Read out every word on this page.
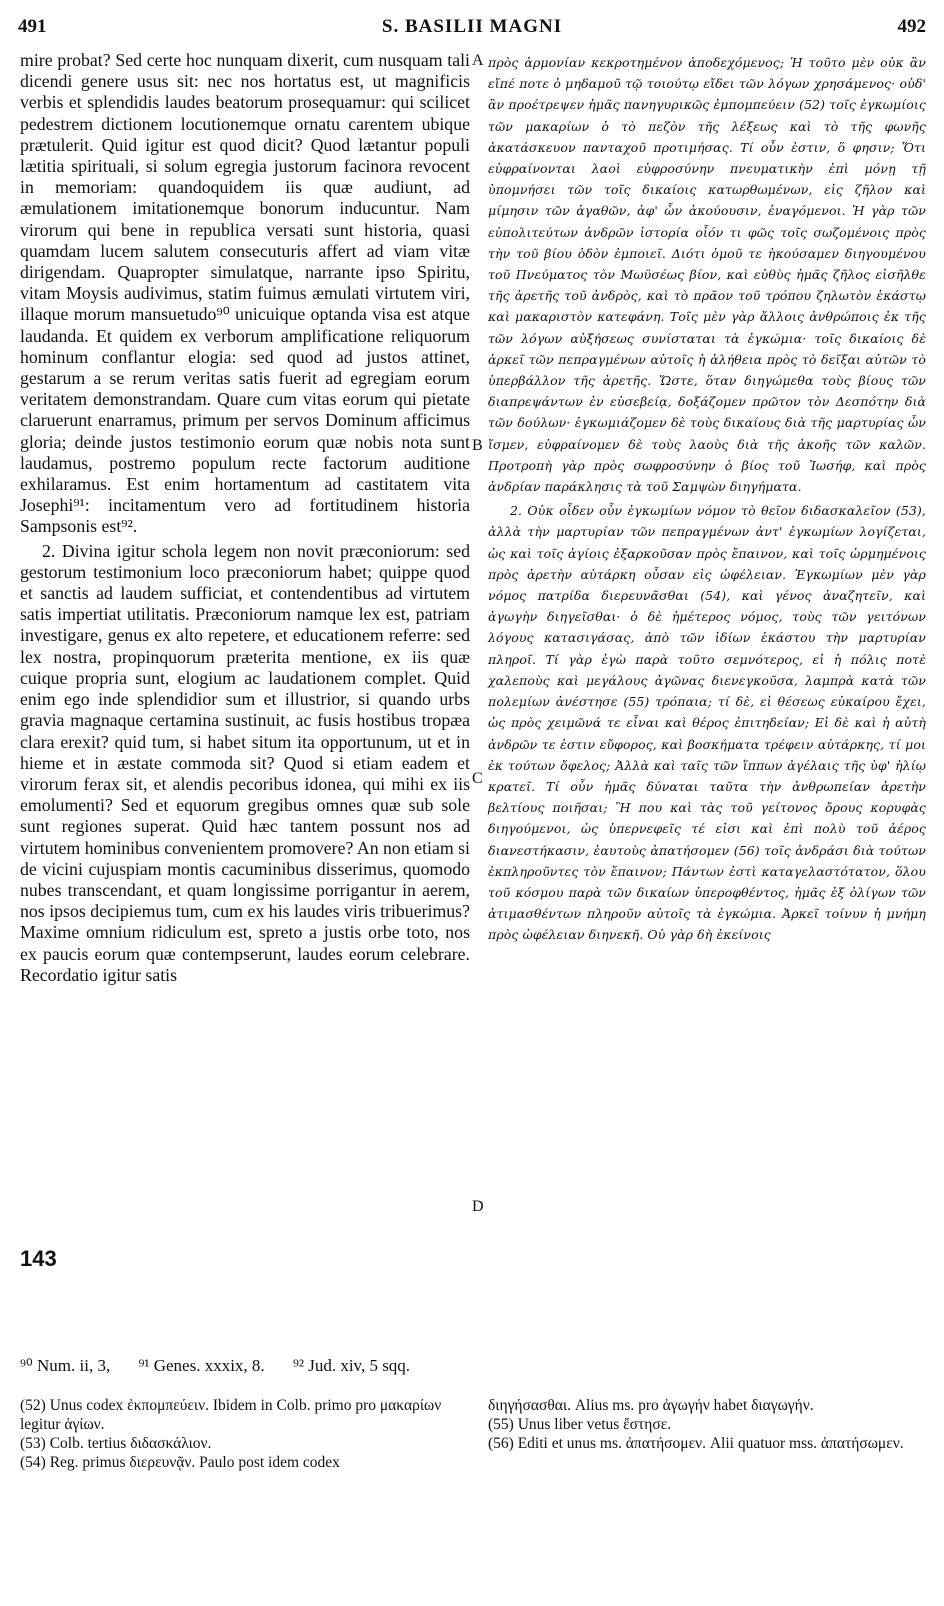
491	S. BASILII MAGNI	492

mire probat? Sed certe hoc nunquam dixerit, cum nusquam tali dicendi genere usus sit: nec nos hortatus est, ut magnificis verbis et splendidis laudes beatorum prosequamur: qui scilicet pedestrem dictionem locutionemque ornatu carentem ubique prætulerit. Quid igitur est quod dicit? Quod lætantur populi lætitia spirituali, si solum egregia justorum facinora revocent in memoriam: quandoquidem iis quæ audiunt, ad æmulationem imitationemque bonorum inducuntur. Nam virorum qui bene in republica versati sunt historia, quasi quamdam lucem salutem consecuturis affert ad viam vitæ dirigendam. Quapropter simulatque, narrante ipso Spiritu, vitam Moysis audivimus, statim fuimus æmulati virtutem viri, illaque morum mansuetudo⁹⁰ unicuique optanda visa est atque laudanda. Et quidem ex verborum amplificatione reliquorum hominum conflantur elogia: sed quod ad justos attinet, gestarum a se rerum veritas satis fuerit ad egregiam eorum veritatem demonstrandam. Quare cum vitas eorum qui pietate claruerunt enarramus, primum per servos Dominum afficimus gloria; deinde justos testimonio eorum quæ nobis nota sunt laudamus, postremo populum recte factorum auditione exhilaramus. Est enim hortamentum ad castitatem vita Josephi⁹¹: incitamentum vero ad fortitudinem historia Sampsonis est⁹².

2. Divina igitur schola legem non novit præconiorum: sed gestorum testimonium loco præconiorum habet; quippe quod et sanctis ad laudem sufficiat, et contendentibus ad virtutem satis impertiat utilitatis. Præconiorum namque lex est, patriam investigare, genus ex alto repetere, et educationem referre: sed lex nostra, propinquorum præterita mentione, ex iis quæ cuique propria sunt, elogium ac laudationem complet. Quid enim ego inde splendidior sum et illustrior, si quando urbs gravia magnaque certamina sustinuit, ac fusis hostibus tropæa clara erexit? quid tum, si habet situm ita opportunum, ut et in hieme et in æstate commoda sit? Quod si etiam eadem et virorum ferax sit, et alendis pecoribus idonea, qui mihi ex iis emolumenti? Sed et equorum gregibus omnes quæ sub sole sunt regiones superat. Quid hæc tantem possunt nos ad virtutem hominibus convenientem promovere? An non etiam si de vicini cujuspiam montis cacuminibus disserimus, quomodo nubes transcendant, et quam longissime porrigantur in aerem, nos ipsos decipiemus tum, cum ex his laudes viris tribuerimus? Maxime omnium ridiculum est, spreto a justis orbe toto, nos ex paucis eorum quæ contempserunt, laudes eorum celebrare. Recordatio igitur satis

πρὸς ἁρμονίαν κεκροτημένον ἀποδεχόμενος; Ἡ τοῦτο μὲν οὐκ ἂν εἴπέ ποτε ὁ μηδαμοῦ τῷ τοιούτῳ εἴδει τῶν λόγων χρησάμενος· οὐδ' ἂν προέτρεψεν ἡμᾶς πανηγυρικῶς ἐμπομπεύειν (52) τοῖς ἐγκωμίοις τῶν μακαρίων ὁ τὸ πεζὸν τῆς λέξεως καὶ τὸ τῆς φωνῆς ἀκατάσκευον πανταχοῦ προτιμήσας. Τί οὖν ἐστιν, ὅ φησιν; Ὅτι εὐφραίνονται λαοὶ εὐφροσύνην πνευματικὴν ἐπὶ μόνῃ τῇ ὑπομνήσει τῶν τοῖς δικαίοις κατωρθωμένων, εἰς ζῆλον καὶ μίμησιν τῶν ἀγαθῶν, ἀφ' ὧν ἀκούουσιν, ἐναγόμενοι. Ἡ γὰρ τῶν εὐπολιτεύτων ἀνδρῶν ἱστορία οἷόν τι φῶς τοῖς σωζομένοις πρὸς τὴν τοῦ βίου ὁδὸν ἐμποιεῖ. Διότι ὁμοῦ τε ἠκούσαμεν διηγουμένου τοῦ Πνεύματος τὸν Μωϋσέως βίον, καὶ εὐθὺς ἡμᾶς ζῆλος εἰσῆλθε τῆς ἀρετῆς τοῦ ἀνδρὸς, καὶ τὸ πρᾶον τοῦ τρόπου ζηλωτὸν ἑκάστῳ καὶ μακαριστὸν κατεφάνη. Τοῖς μὲν γὰρ ἄλλοις ἀνθρώποις ἐκ τῆς τῶν λόγων αὐξήσεως συνίσταται τὰ ἐγκώμια· τοῖς δικαίοις δὲ ἀρκεῖ τῶν πεπραγμένων αὐτοῖς ἡ ἀλήθεια πρὸς τὸ δεῖξαι αὐτῶν τὸ ὑπερβάλλον τῆς ἀρετῆς. Ὥστε, ὅταν διηγώμεθα τοὺς βίους τῶν διαπρεψάντων ἐν εὐσεβείᾳ, δοξάζομεν πρῶτον τὸν Δεσπότην διὰ τῶν δούλων· ἐγκωμιάζομεν δὲ τοὺς δικαίους διὰ τῆς μαρτυρίας ὧν ἴσμεν, εὐφραίνομεν δὲ τοὺς λαοὺς διὰ τῆς ἀκοῆς τῶν καλῶν. Προτροπὴ γὰρ πρὸς σωφροσύνην ὁ βίος τοῦ Ἰωσήφ, καὶ πρὸς ἀνδρίαν παράκλησις τὰ τοῦ Σαμψὼν διηγήματα.

2. Οὐκ οἶδεν οὖν ἐγκωμίων νόμον τὸ θεῖον διδασκαλεῖον (53), ἀλλὰ τὴν μαρτυρίαν τῶν πεπραγμένων ἀντ' ἐγκωμίων λογίζεται, ὡς καὶ τοῖς ἁγίοις ἐξαρκοῦσαν πρὸς ἔπαινον, καὶ τοῖς ὡρμημένοις πρὸς ἀρετὴν αὐτάρκη οὖσαν εἰς ὠφέλειαν. Ἐγκωμίων μὲν γὰρ νόμος πατρίδα διερευνᾶσθαι (54), καὶ γένος ἀναζητεῖν, καὶ ἀγωγὴν διηγεῖσθαι· ὁ δὲ ἡμέτερος νόμος, τοὺς τῶν γειτόνων λόγους κατασιγάσας, ἀπὸ τῶν ἰδίων ἑκάστου τὴν μαρτυρίαν πληροῖ. Τί γὰρ ἐγὼ παρὰ τοῦτο σεμνότερος, εἰ ἡ πόλις ποτὲ χαλεποὺς καὶ μεγάλους ἀγῶνας διενεγκοῦσα, λαμπρὰ κατὰ τῶν πολεμίων ἀνέστησε (55) τρόπαια; τί δὲ, εἰ θέσεως εὐκαίρου ἔχει, ὡς πρὸς χειμῶνά τε εἶναι καὶ θέρος ἐπιτηδείαν; Εἰ δὲ καὶ ἡ αὐτὴ ἀνδρῶν τε ἐστιν εὔφορος, καὶ βοσκήματα τρέφειν αὐτάρκης, τί μοι ἐκ τούτων ὄφελος; Ἀλλὰ καὶ ταῖς τῶν ἵππων ἀγέλαις τῆς ὑφ' ἡλίῳ κρατεῖ. Τί οὖν ἡμᾶς δύναται ταῦτα τὴν ἀνθρωπείαν ἀρετὴν βελτίους ποιῆσαι; Ἢ που καὶ τὰς τοῦ γείτονος ὄρους κορυφὰς διηγούμενοι, ὡς ὑπερνεφεῖς τέ εἰσι καὶ ἐπὶ πολὺ τοῦ ἀέρος διανεστήκασιν, ἑαυτοὺς ἀπατήσομεν (56) τοῖς ἀνδράσι διὰ τούτων ἐκπληροῦντες τὸν ἔπαινον; Πάντων ἐστὶ καταγελαστότατον, ὅλου τοῦ κόσμου παρὰ τῶν δικαίων ὑπεροφθέντος, ἡμᾶς ἐξ ὀλίγων τῶν ἀτιμασθέντων πληροῦν αὐτοῖς τὰ ἐγκώμια. Ἀρκεῖ τοίνυν ἡ μνήμη πρὸς ὠφέλειαν διηνεκῆ. Οὐ γὰρ δὴ ἐκείνοις

A
B
C
D
143
⁹⁰ Num. ii, 3, ⁹¹ Genes. xxxix, 8. ⁹² Jud. xiv, 5 sqq.

(52) Unus codex ἐκπομπεύειν. Ibidem in Colb. primo pro μακαρίων legitur ἁγίων.

(53) Colb. tertius διδασκάλιον.

(54) Reg. primus διερευνᾷν. Paulo post idem codex

διηγήσασθαι. Alius ms. pro ἀγωγήν habet διαγωγήν.

(55) Unus liber vetus ἔστησε.

(56) Editi et unus ms. ἀπατήσομεν. Alii quatuor mss. ἀπατήσωμεν.
